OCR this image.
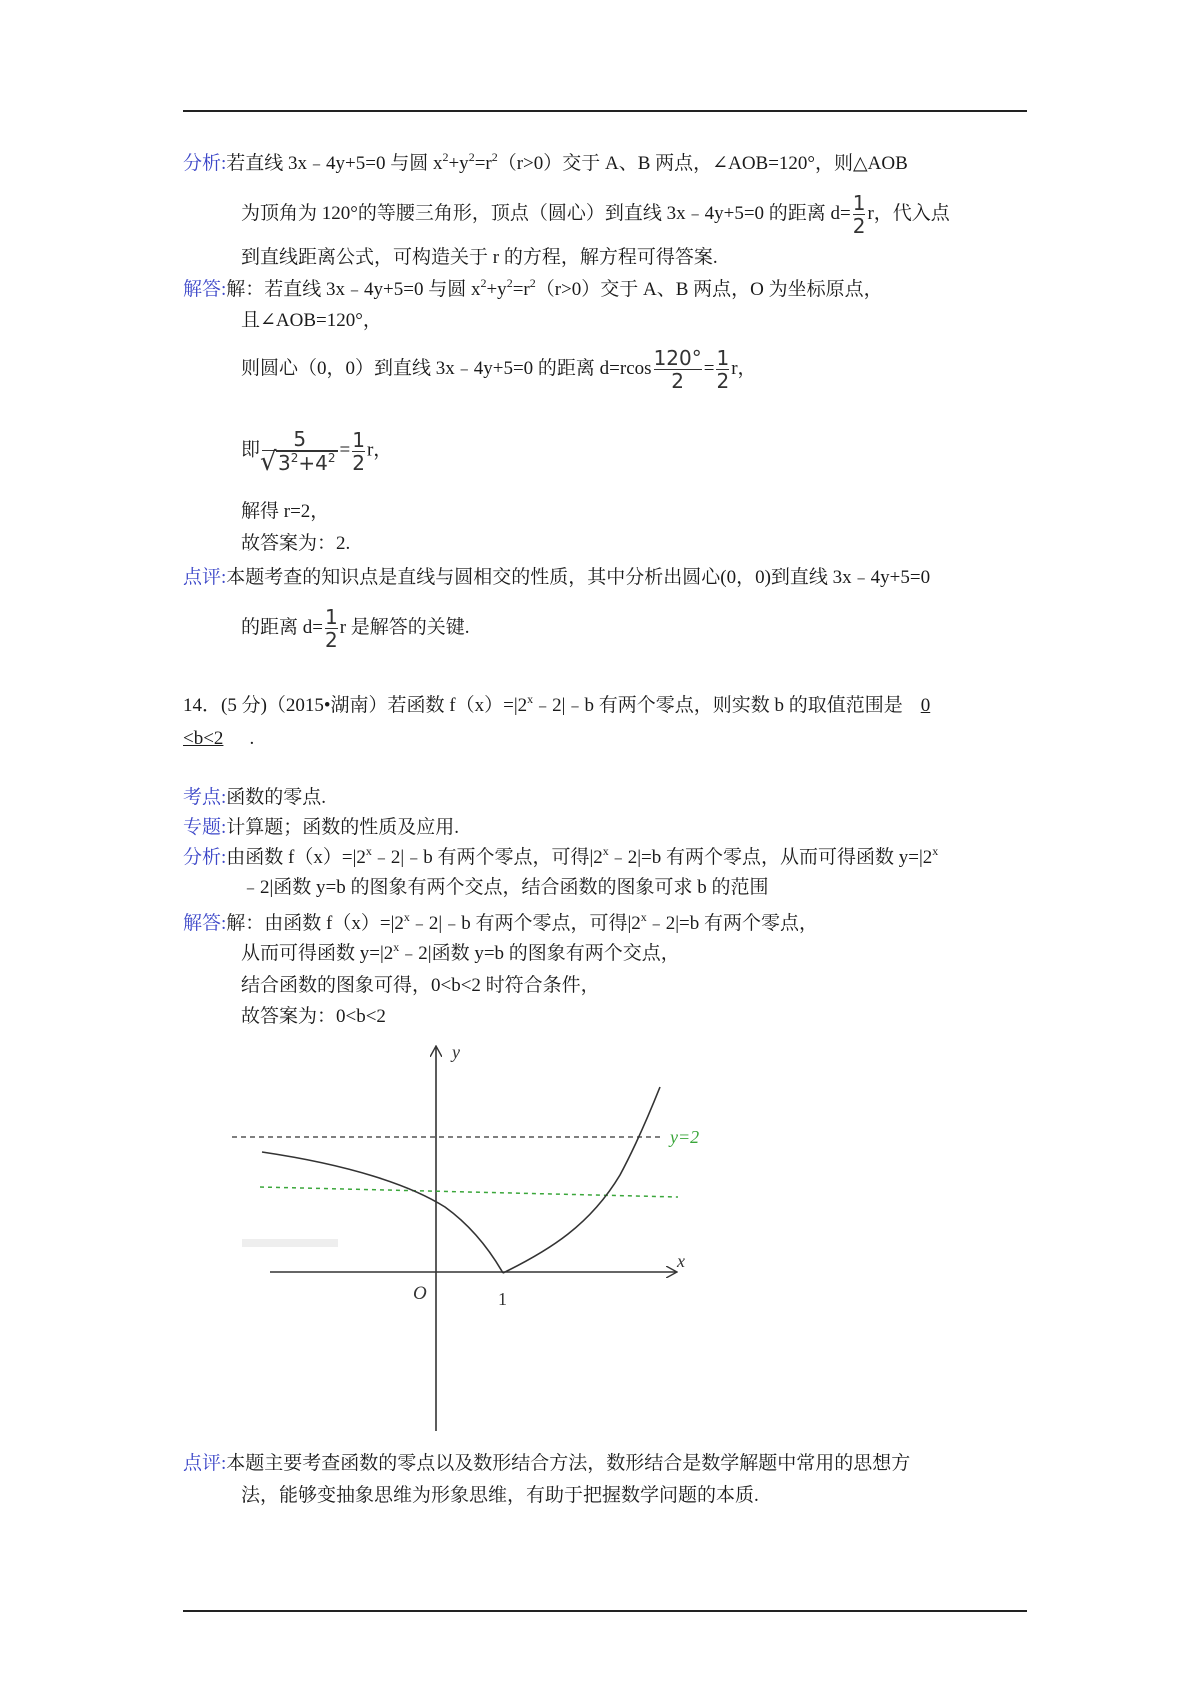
分析:若直线 3x﹣4y+5=0 与圆 $x^2+y^2=r^2(r>0)$交于 A、B 两点，∠AOB=120°，则△AOB
为顶角为 120°的等腰三角形，顶点（圆心）到直线 3x﹣4y+5=0 的距离 $d= \frac{1}{2}$ r，代入点
到直线距离公式，可构造关于 r 的方程，解方程可得答案.
解答:解：若直线 3x﹣4y+5=0 与圆 $x^2+y^2=r^2(r>0)$交于 A、B 两点，O 为坐标原点，
且∠AOB=120°，
则圆心（0，0）到直线 3x﹣4y+5=0 的距离 $d=rcos \frac{120^\circ}{2} = \frac{1}{2}$ r，
即 5
√ $3^2+4^2 = \frac{1}{2}$ r，
解得 r=2，
故答案为：2.
点评:本题考查的知识点是直线与圆相交的性质，其中分析出圆心(0，0)到直线 3x﹣4y+5=0
的距离 $d= \frac{1}{2}$ r 是解答的关键.
14．(5 分)（2015•湖南）若函数 $f(x)=|2^x﹣2|﹣b$ 有两个零点，则实数 b 的取值范围是 0
<b<2 .
考点:函数的零点.
专题:计算题；函数的性质及应用.
分析:由函数 $f(x)=|2^x﹣2|﹣b$ 有两个零点，可得$|2^x﹣2|=b$ 有两个零点，从而可得函数 $y=|2^x$
﹣2|函数 y=b 的图象有两个交点，结合函数的图象可求 b 的范围
解答:解：由函数 $f(x)=|2^x﹣2|﹣b$ 有两个零点，可得$|2^x﹣2|=b$ 有两个零点，
从而可得函数 $y=|2^x﹣2|$函数 y=b 的图象有两个交点，
结合函数的图象可得，0<b<2 时符合条件，
故答案为：0<b<2
y
x
O	1
y=2
点评:本题主要考查函数的零点以及数形结合方法，数形结合是数学解题中常用的思想方
法，能够变抽象思维为形象思维，有助于把握数学问题的本质.
